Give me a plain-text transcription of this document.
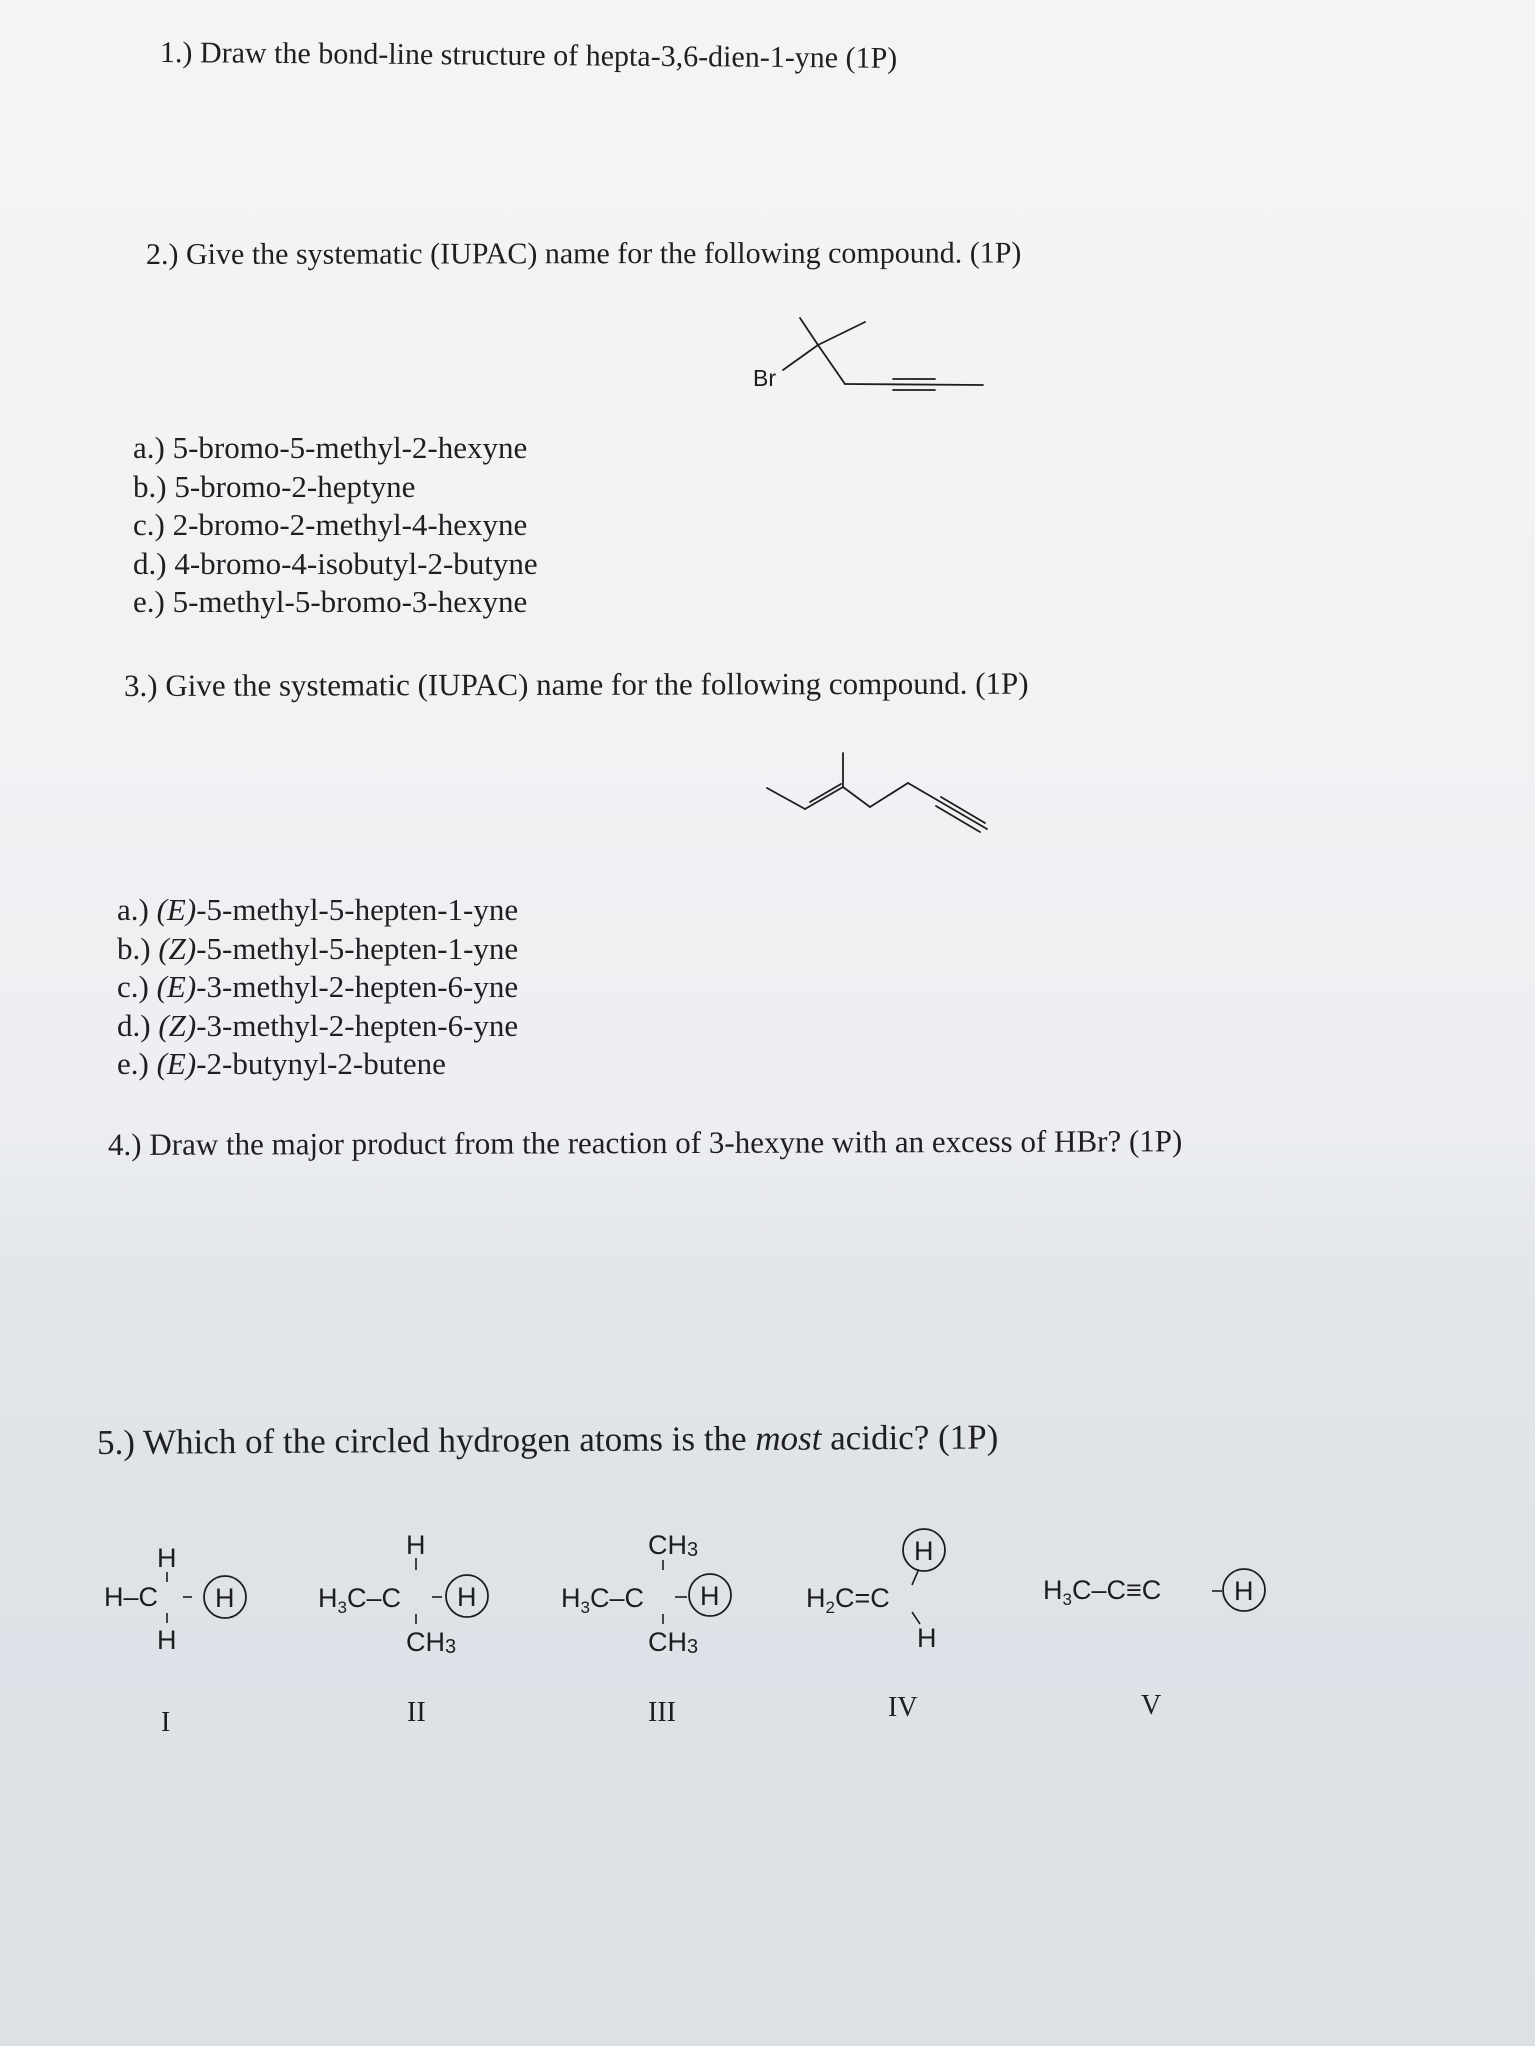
1.) Draw the bond-line structure of hepta-3,6-dien-1-yne (1P)

2.) Give the systematic (IUPAC) name for the following compound. (1P)

Br
a.) 5-bromo-5-methyl-2-hexyne
b.) 5-bromo-2-heptyne
c.) 2-bromo-2-methyl-4-hexyne
d.) 4-bromo-4-isobutyl-2-butyne
e.) 5-methyl-5-bromo-3-hexyne

3.) Give the systematic (IUPAC) name for the following compound. (1P)

a.) (E)-5-methyl-5-hepten-1-yne
b.) (Z)-5-methyl-5-hepten-1-yne
c.) (E)-3-methyl-2-hepten-6-yne
d.) (Z)-3-methyl-2-hepten-6-yne
e.) (E)-2-butynyl-2-butene

4.) Draw the major product from the reaction of 3-hexyne with an excess of HBr? (1P)

5.) Which of the circled hydrogen atoms is the most acidic? (1P)

H
H–C
H
H
H
$H_3C-C$ H
CH3
CH3
$H_3C-C$ H
CH3
H
$H_2C=C$
H
$H_3C-C\equiv C$	H
I	II	III	IV	V
